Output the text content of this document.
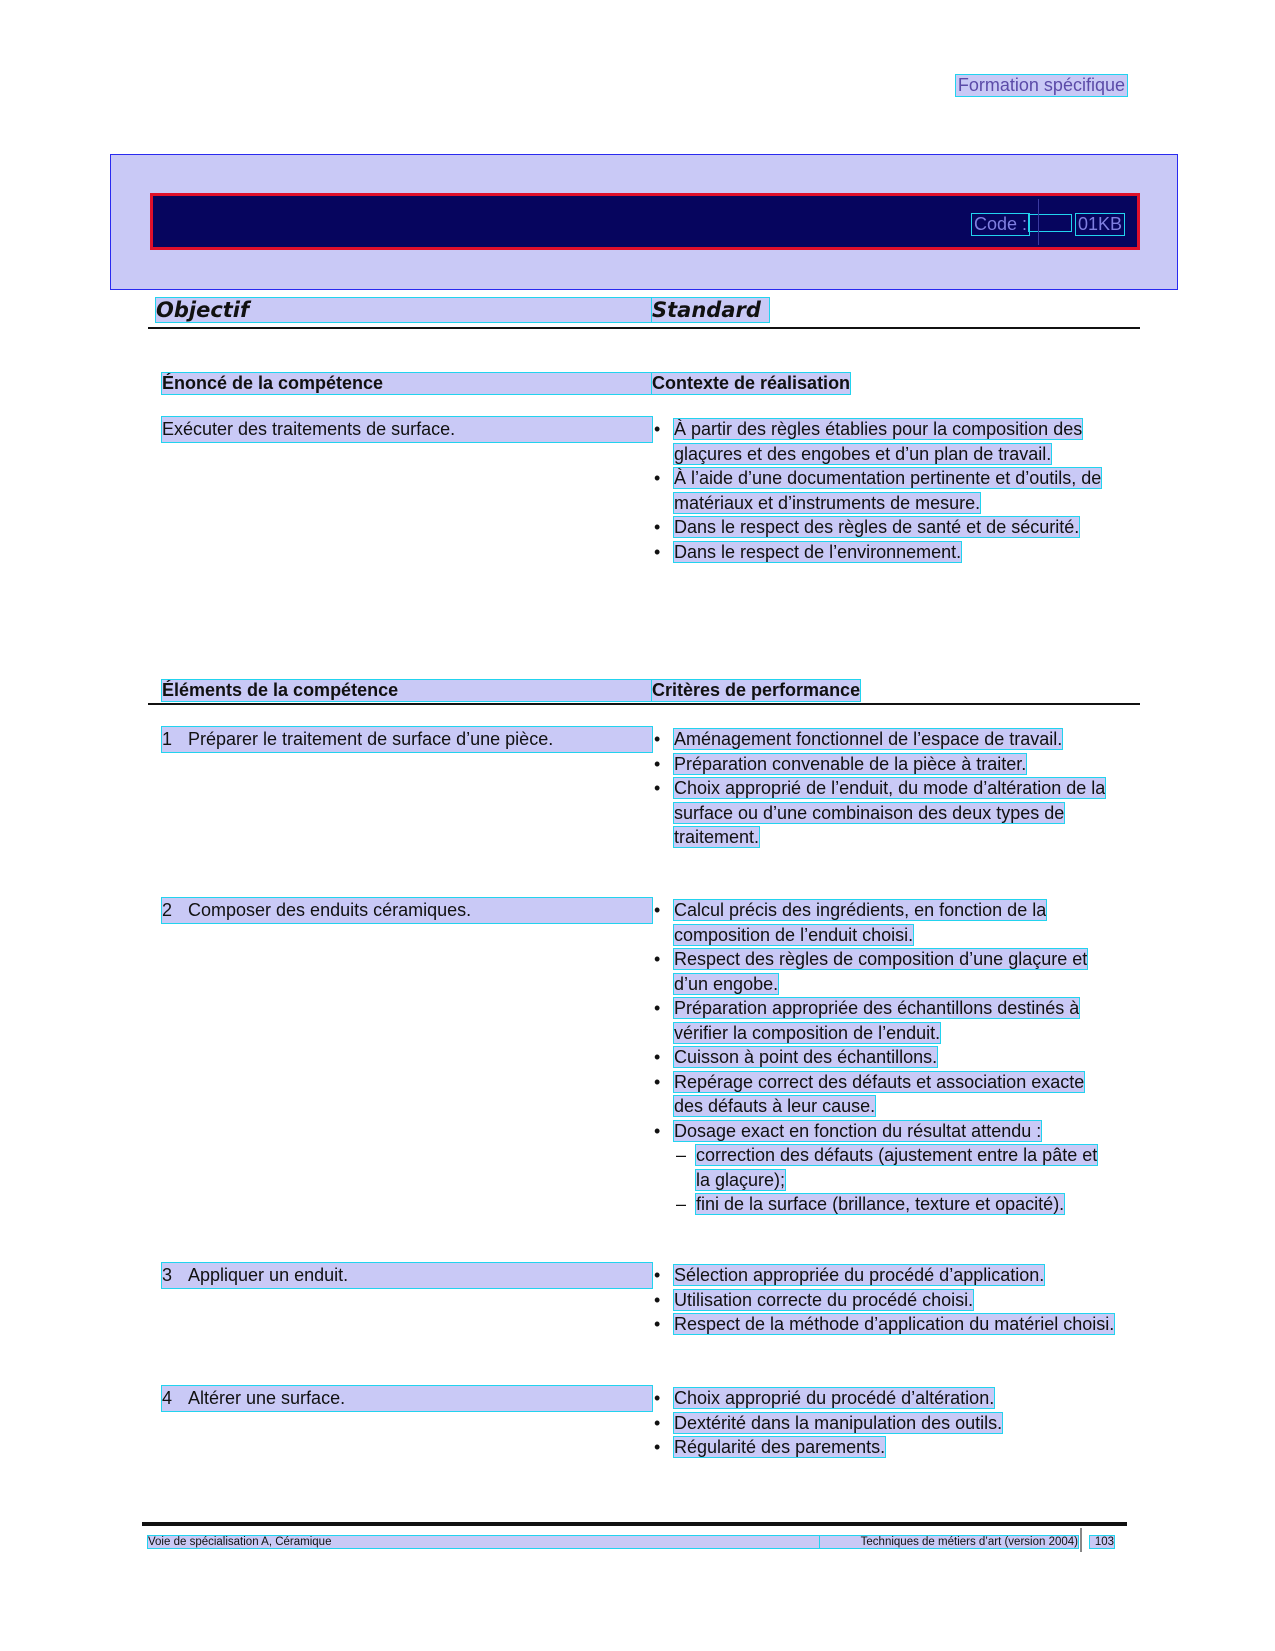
Formation spécifique
Code :	01KB
Objectif	Standard
Énoncé de la compétence	Contexte de réalisation
Exécuter des traitements de surface.	• À partir des règles établies pour la composition des glaçures et des engobes et d’un plan de travail.
• À l’aide d’une documentation pertinente et d’outils, de matériaux et d’instruments de mesure.
• Dans le respect des règles de santé et de sécurité.
• Dans le respect de l’environnement.
Éléments de la compétence	Critères de performance
1 Préparer le traitement de surface d’une pièce.	• Aménagement fonctionnel de l’espace de travail.
• Préparation convenable de la pièce à traiter.
• Choix approprié de l’enduit, du mode d’altération de la surface ou d’une combinaison des deux types de traitement.
2 Composer des enduits céramiques.	• Calcul précis des ingrédients, en fonction de la composition de l’enduit choisi.
• Respect des règles de composition d’une glaçure et d’un engobe.
• Préparation appropriée des échantillons destinés à vérifier la composition de l’enduit.
• Cuisson à point des échantillons.
• Repérage correct des défauts et association exacte des défauts à leur cause.
• Dosage exact en fonction du résultat attendu :
– correction des défauts (ajustement entre la pâte et la glaçure);
– fini de la surface (brillance, texture et opacité).
3 Appliquer un enduit.	• Sélection appropriée du procédé d’application.
• Utilisation correcte du procédé choisi.
• Respect de la méthode d’application du matériel choisi.
4 Altérer une surface.	• Choix approprié du procédé d’altération.
• Dextérité dans la manipulation des outils.
• Régularité des parements.
Voie de spécialisation A, Céramique	Techniques de métiers d’art (version 2004)	103
